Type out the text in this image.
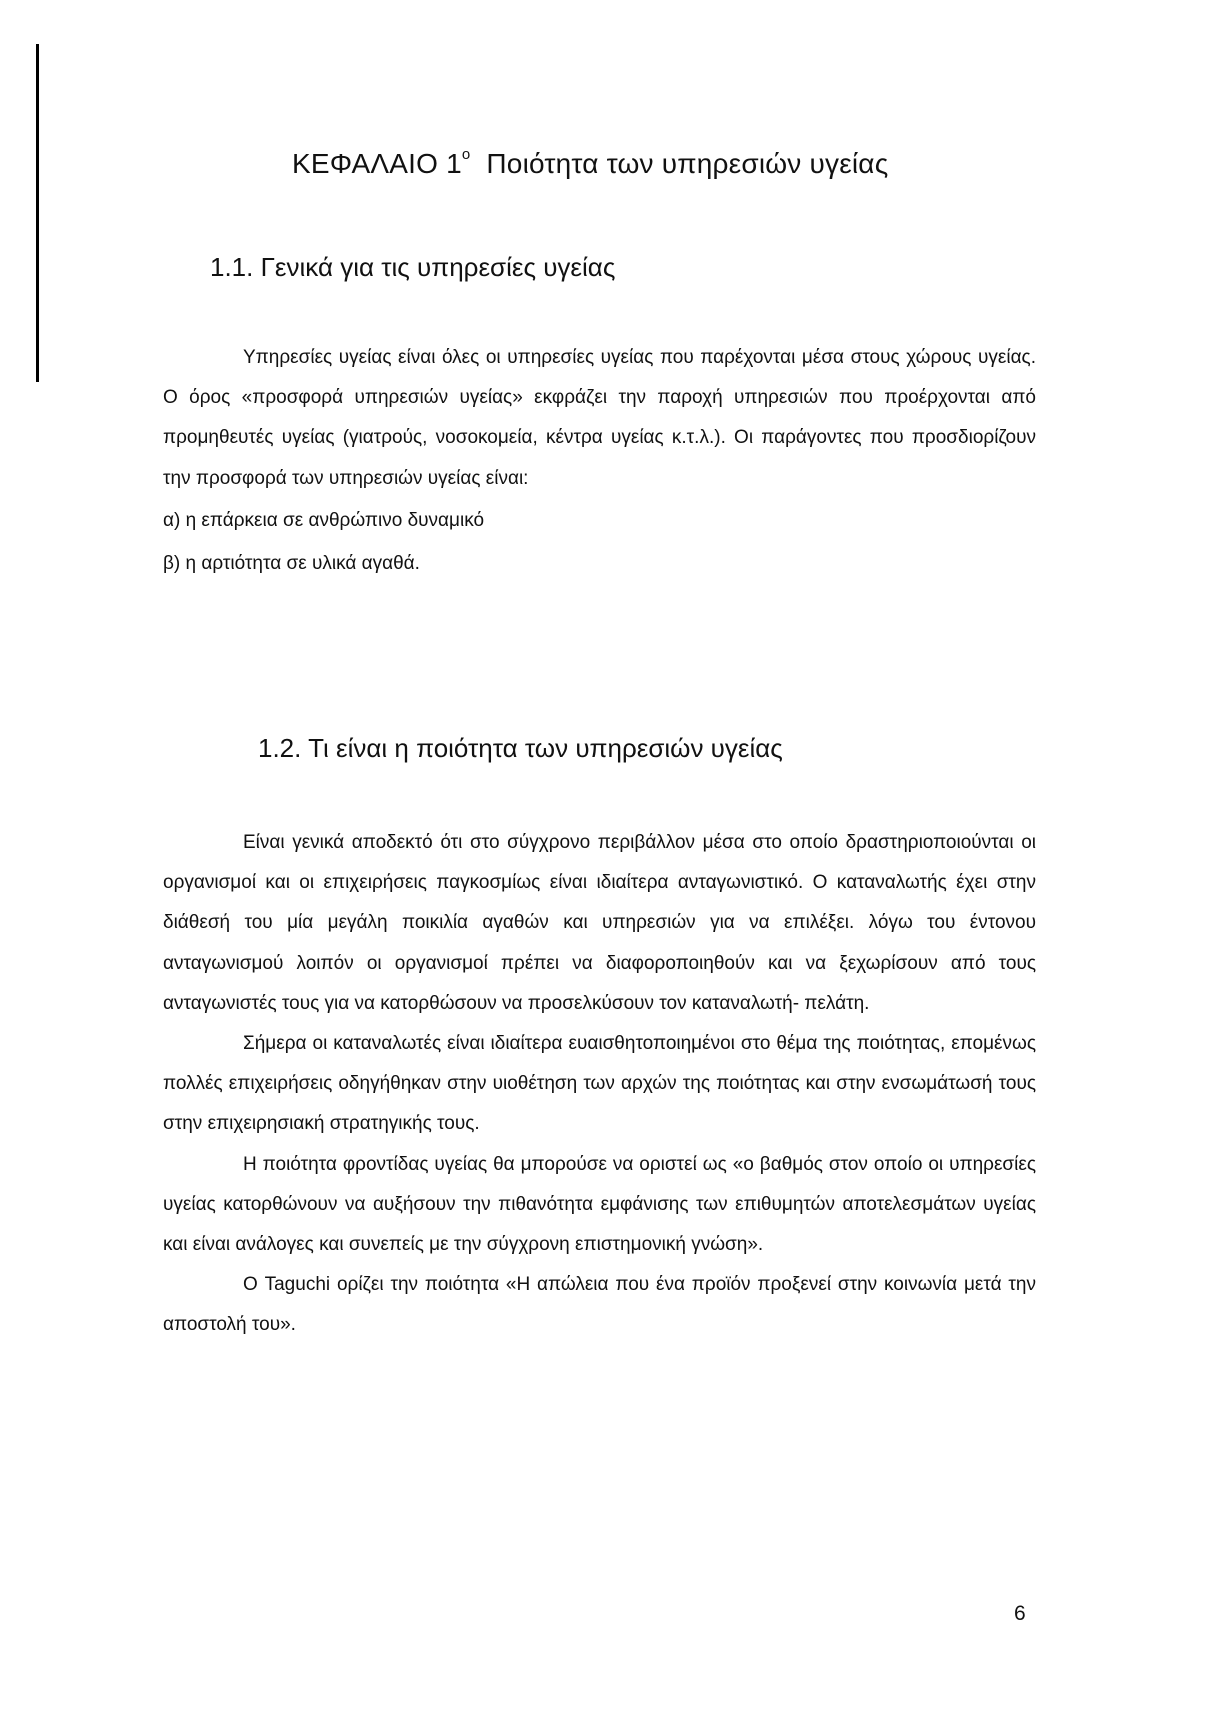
ΚΕΦΑΛΑΙΟ $1^o$ Ποιότητα των υπηρεσιών υγείας
1.1. Γενικά για τις υπηρεσίες υγείας

Υπηρεσίες υγείας είναι όλες οι υπηρεσίες υγείας που παρέχονται μέσα στους χώρους υγείας. Ο όρος «προσφορά υπηρεσιών υγείας» εκφράζει την παροχή υπηρεσιών που προέρχονται από προμηθευτές υγείας (γιατρούς, νοσοκομεία, κέντρα υγείας κ.τ.λ.). Οι παράγοντες που προσδιορίζουν την προσφορά των υπηρεσιών υγείας είναι:

α) η επάρκεια σε ανθρώπινο δυναμικό

β) η αρτιότητα σε υλικά αγαθά.

1.2. Τι είναι η ποιότητα των υπηρεσιών υγείας

Είναι γενικά αποδεκτό ότι στο σύγχρονο περιβάλλον μέσα στο οποίο δραστηριοποιούνται οι οργανισμοί και οι επιχειρήσεις παγκοσμίως είναι ιδιαίτερα ανταγωνιστικό. Ο καταναλωτής έχει στην διάθεσή του μία μεγάλη ποικιλία αγαθών και υπηρεσιών για να επιλέξει. λόγω του έντονου ανταγωνισμού λοιπόν οι οργανισμοί πρέπει να διαφοροποιηθούν και να ξεχωρίσουν από τους ανταγωνιστές τους για να κατορθώσουν να προσελκύσουν τον καταναλωτή- πελάτη.

Σήμερα οι καταναλωτές είναι ιδιαίτερα ευαισθητοποιημένοι στο θέμα της ποιότητας, επομένως πολλές επιχειρήσεις οδηγήθηκαν στην υιοθέτηση των αρχών της ποιότητας και στην ενσωμάτωσή τους στην επιχειρησιακή στρατηγικής τους.

Η ποιότητα φροντίδας υγείας θα μπορούσε να οριστεί ως «ο βαθμός στον οποίο οι υπηρεσίες υγείας κατορθώνουν να αυξήσουν την πιθανότητα εμφάνισης των επιθυμητών αποτελεσμάτων υγείας και είναι ανάλογες και συνεπείς με την σύγχρονη επιστημονική γνώση».

Ο Taguchi ορίζει την ποιότητα «Η απώλεια που ένα προϊόν προξενεί στην κοινωνία μετά την αποστολή του».

6
